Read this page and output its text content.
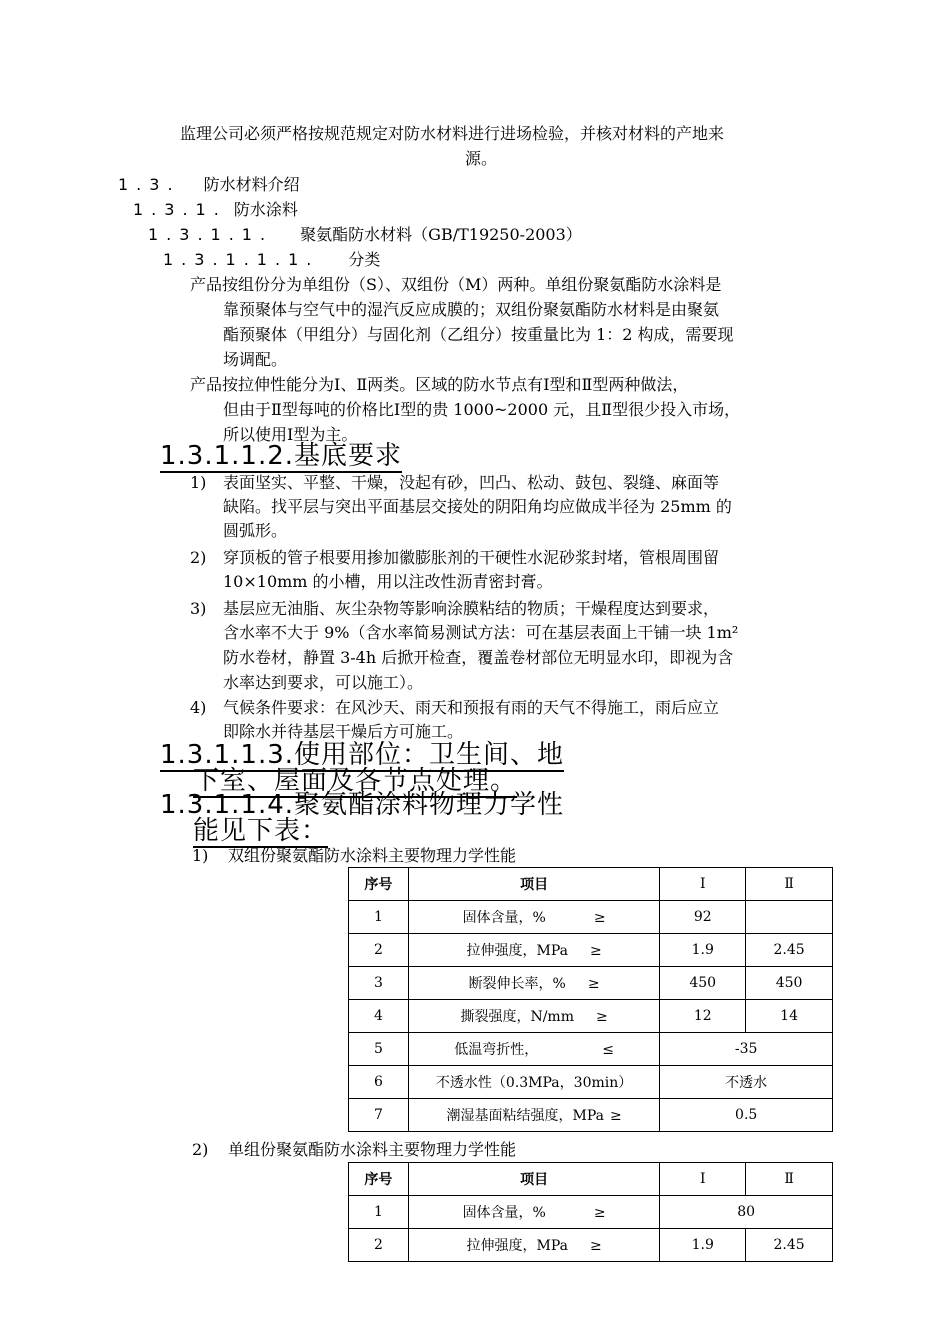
监理公司必须严格按规范规定对防水材料进行进场检验，并核对材料的产地来
源。
1.3. 防水材料介绍
1.3.1. 防水涂料
1.3.1.1. 聚氨酯防水材料（GB/T19250-2003）
1.3.1.1.1. 分类
产品按组份分为单组份（S）、双组份（M）两种。单组份聚氨酯防水涂料是
靠预聚体与空气中的湿汽反应成膜的；双组份聚氨酯防水材料是由聚氨
酯预聚体（甲组分）与固化剂（乙组分）按重量比为 1：2 构成，需要现
场调配。
产品按拉伸性能分为Ⅰ、Ⅱ两类。区域的防水节点有Ⅰ型和Ⅱ型两种做法，
但由于Ⅱ型每吨的价格比Ⅰ型的贵 1000~2000 元，且Ⅱ型很少投入市场，
所以使用Ⅰ型为主。
1.3.1.1.2.基底要求
1) 表面坚实、平整、干燥，没起有砂，凹凸、松动、鼓包、裂缝、麻面等
缺陷。找平层与突出平面基层交接处的阴阳角均应做成半径为 25mm 的
圆弧形。
2) 穿顶板的管子根要用掺加徽膨胀剂的干硬性水泥砂浆封堵，管根周围留
10×10mm 的小槽，用以注改性沥青密封膏。
3) 基层应无油脂、灰尘杂物等影响涂膜粘结的物质；干燥程度达到要求，
含水率不大于 9%（含水率简易测试方法：可在基层表面上干铺一块 1m²
防水卷材，静置 3-4h 后掀开检查，覆盖卷材部位无明显水印，即视为含
水率达到要求，可以施工）。
4) 气候条件要求：在风沙天、雨天和预报有雨的天气不得施工，雨后应立
即除水并待基层干燥后方可施工。
1.3.1.1.3.使用部位：卫生间、地
下室、屋面及各节点处理。
1.3.1.1.4.聚氨酯涂料物理力学性
能见下表：
1) 双组份聚氨酯防水涂料主要物理力学性能
序号	项目	Ⅰ	Ⅱ
1	固体含量，% ≥	92	
2	拉伸强度，MPa ≥	1.9	2.45
3	断裂伸长率，% ≥	450	450
4	撕裂强度，N/mm ≥	12	14
5	低温弯折性， ≤	-35	
6	不透水性（0.3MPa，30min）	不透水	
7	潮湿基面粘结强度，MPa ≥	0.5	
2) 单组份聚氨酯防水涂料主要物理力学性能
序号	项目	Ⅰ	Ⅱ
1	固体含量，% ≥	80	
2	拉伸强度，MPa ≥	1.9	2.45
